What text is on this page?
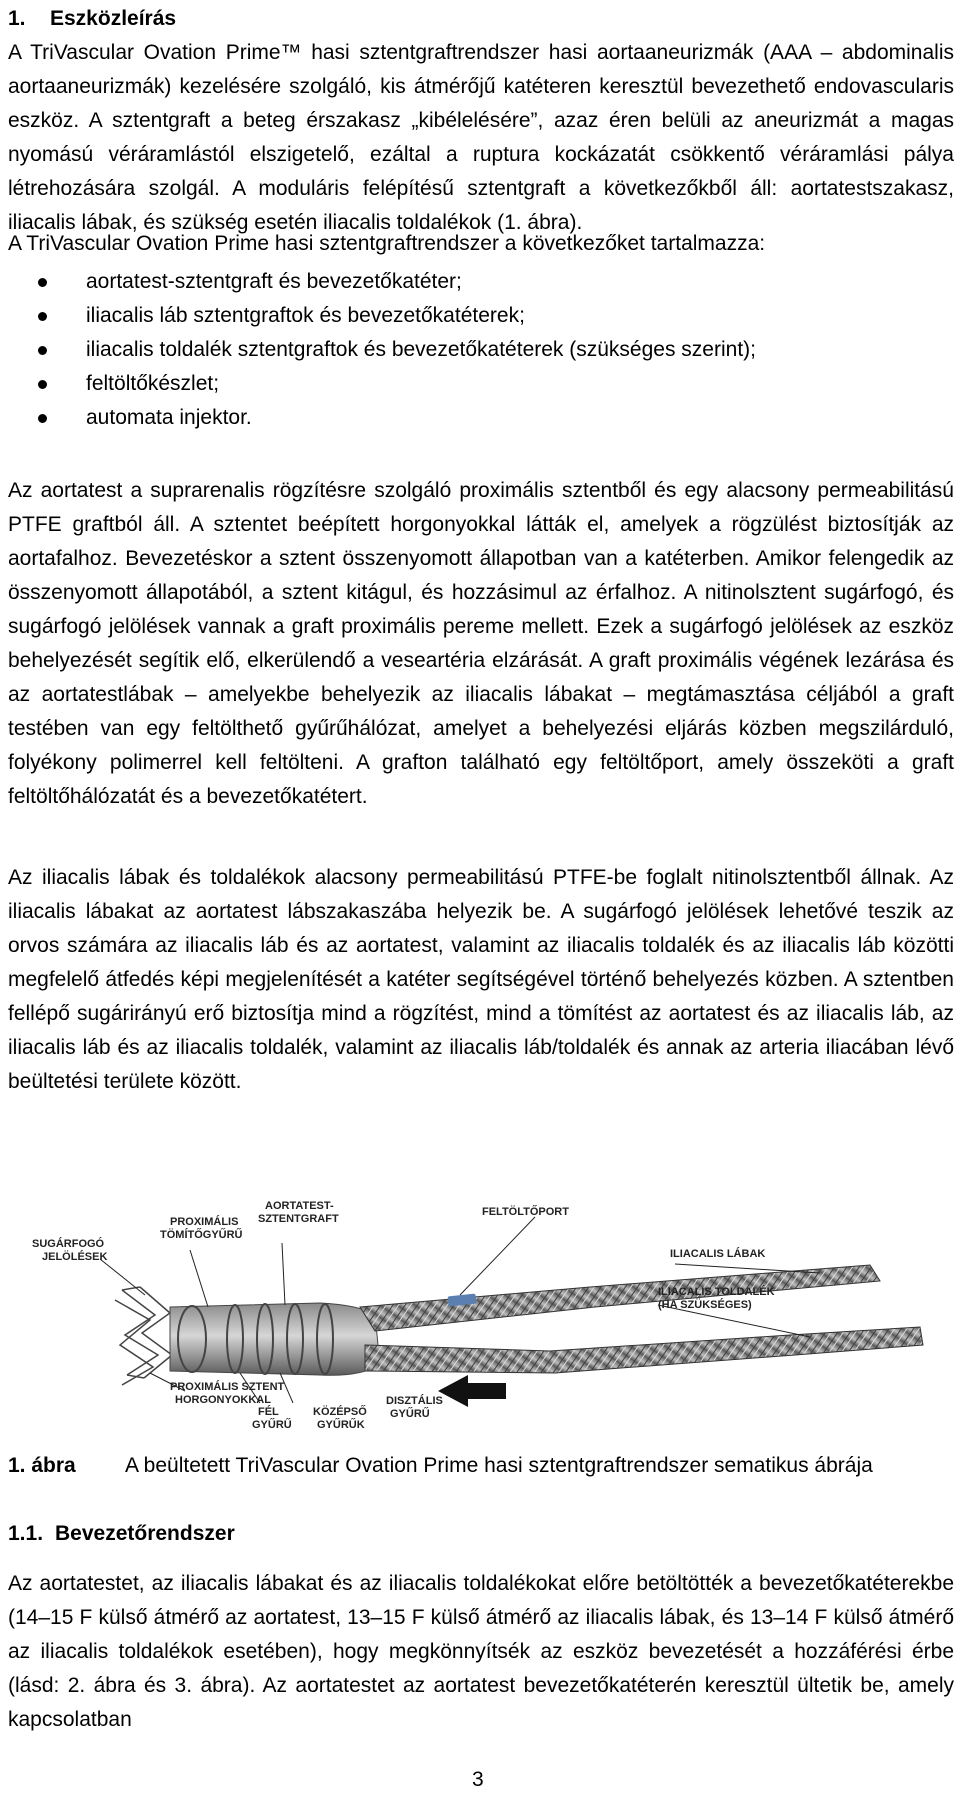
1. Eszközleírás

A TriVascular Ovation Prime™ hasi sztentgraftrendszer hasi aortaaneurizmák (AAA – abdominalis aortaaneurizmák) kezelésére szolgáló, kis átmérőjű katéteren keresztül bevezethető endovascularis eszköz. A sztentgraft a beteg érszakasz „kibélelésére”, azaz éren belüli az aneurizmát a magas nyomású véráramlástól elszigetelő, ezáltal a ruptura kockázatát csökkentő véráramlási pálya létrehozására szolgál. A moduláris felépítésű sztentgraft a következőkből áll: aortatestszakasz, iliacalis lábak, és szükség esetén iliacalis toldalékok (1. ábra).

A TriVascular Ovation Prime hasi sztentgraftrendszer a következőket tartalmazza:

aortatest-sztentgraft és bevezetőkatéter;
iliacalis láb sztentgraftok és bevezetőkatéterek;
iliacalis toldalék sztentgraftok és bevezetőkatéterek (szükséges szerint);
feltöltőkészlet;
automata injektor.

Az aortatest a suprarenalis rögzítésre szolgáló proximális sztentből és egy alacsony permeabilitású PTFE graftból áll. A sztentet beépített horgonyokkal látták el, amelyek a rögzülést biztosítják az aortafalhoz. Bevezetéskor a sztent összenyomott állapotban van a katéterben. Amikor felengedik az összenyomott állapotából, a sztent kitágul, és hozzásimul az érfalhoz. A nitinolsztent sugárfogó, és sugárfogó jelölések vannak a graft proximális pereme mellett. Ezek a sugárfogó jelölések az eszköz behelyezését segítik elő, elkerülendő a veseartéria elzárását. A graft proximális végének lezárása és az aortatestlábak – amelyekbe behelyezik az iliacalis lábakat – megtámasztása céljából a graft testében van egy feltölthető gyűrűhálózat, amelyet a behelyezési eljárás közben megszilárduló, folyékony polimerrel kell feltölteni. A grafton található egy feltöltőport, amely összeköti a graft feltöltőhálózatát és a bevezetőkatétert.

Az iliacalis lábak és toldalékok alacsony permeabilitású PTFE-be foglalt nitinolsztentből állnak. Az iliacalis lábakat az aortatest lábszakaszába helyezik be. A sugárfogó jelölések lehetővé teszik az orvos számára az iliacalis láb és az aortatest, valamint az iliacalis toldalék és az iliacalis láb közötti megfelelő átfedés képi megjelenítését a katéter segítségével történő behelyezés közben. A sztentben fellépő sugárirányú erő biztosítja mind a rögzítést, mind a tömítést az aortatest és az iliacalis láb, az iliacalis láb és az iliacalis toldalék, valamint az iliacalis láb/toldalék és annak az arteria iliacában lévő beültetési területe között.

SUGÁRFOGÓ
JELÖLÉSEK
PROXIMÁLIS
TÖMÍTŐGYŰRŰ
AORTATEST-
SZTENTGRAFT
FELTÖLTŐPORT
ILIACALIS LÁBAK
ILIACALIS TOLDALÉK
(HA SZÜKSÉGES)
PROXIMÁLIS SZTENT
HORGONYOKKAL
FÉL
GYŰRŰ
KÖZÉPSŐ
GYŰRŰK
DISZTÁLIS
GYŰRŰ
1. ábra A beültetett TriVascular Ovation Prime hasi sztentgraftrendszer sematikus ábrája
1.1. Bevezetőrendszer

Az aortatestet, az iliacalis lábakat és az iliacalis toldalékokat előre betöltötték a bevezetőkatéterekbe (14–15 F külső átmérő az aortatest, 13–15 F külső átmérő az iliacalis lábak, és 13–14 F külső átmérő az iliacalis toldalékok esetében), hogy megkönnyítsék az eszköz bevezetését a hozzáférési érbe (lásd: 2. ábra és 3. ábra). Az aortatestet az aortatest bevezetőkatéterén keresztül ültetik be, amely kapcsolatban

3
